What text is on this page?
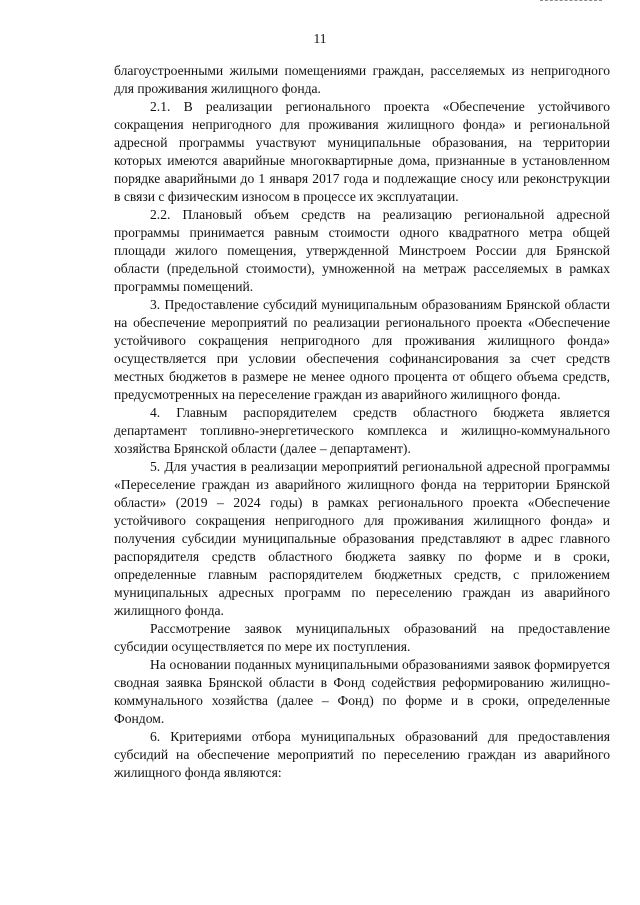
11

благоустроенными жилыми помещениями граждан, расселяемых из непригодного для проживания жилищного фонда.

2.1. В реализации регионального проекта «Обеспечение устойчивого сокращения непригодного для проживания жилищного фонда» и региональной адресной программы участвуют муниципальные образования, на территории которых имеются аварийные многоквартирные дома, признанные в установленном порядке аварийными до 1 января 2017 года и подлежащие сносу или реконструкции в связи с физическим износом в процессе их эксплуатации.

2.2. Плановый объем средств на реализацию региональной адресной программы принимается равным стоимости одного квадратного метра общей площади жилого помещения, утвержденной Минстроем России для Брянской области (предельной стоимости), умноженной на метраж расселяемых в рамках программы помещений.

3. Предоставление субсидий муниципальным образованиям Брянской области на обеспечение мероприятий по реализации регионального проекта «Обеспечение устойчивого сокращения непригодного для проживания жилищного фонда» осуществляется при условии обеспечения софинансирования за счет средств местных бюджетов в размере не менее одного процента от общего объема средств, предусмотренных на переселение граждан из аварийного жилищного фонда.

4. Главным распорядителем средств областного бюджета является департамент топливно-энергетического комплекса и жилищно-коммунального хозяйства Брянской области (далее – департамент).

5. Для участия в реализации мероприятий региональной адресной программы «Переселение граждан из аварийного жилищного фонда на территории Брянской области» (2019 – 2024 годы) в рамках регионального проекта «Обеспечение устойчивого сокращения непригодного для проживания жилищного фонда» и получения субсидии муниципальные образования представляют в адрес главного распорядителя средств областного бюджета заявку по форме и в сроки, определенные главным распорядителем бюджетных средств, с приложением муниципальных адресных программ по переселению граждан из аварийного жилищного фонда.

Рассмотрение заявок муниципальных образований на предоставление субсидии осуществляется по мере их поступления.

На основании поданных муниципальными образованиями заявок формируется сводная заявка Брянской области в Фонд содействия реформированию жилищно-коммунального хозяйства (далее – Фонд) по форме и в сроки, определенные Фондом.

6. Критериями отбора муниципальных образований для предоставления субсидий на обеспечение мероприятий по переселению граждан из аварийного жилищного фонда являются:
